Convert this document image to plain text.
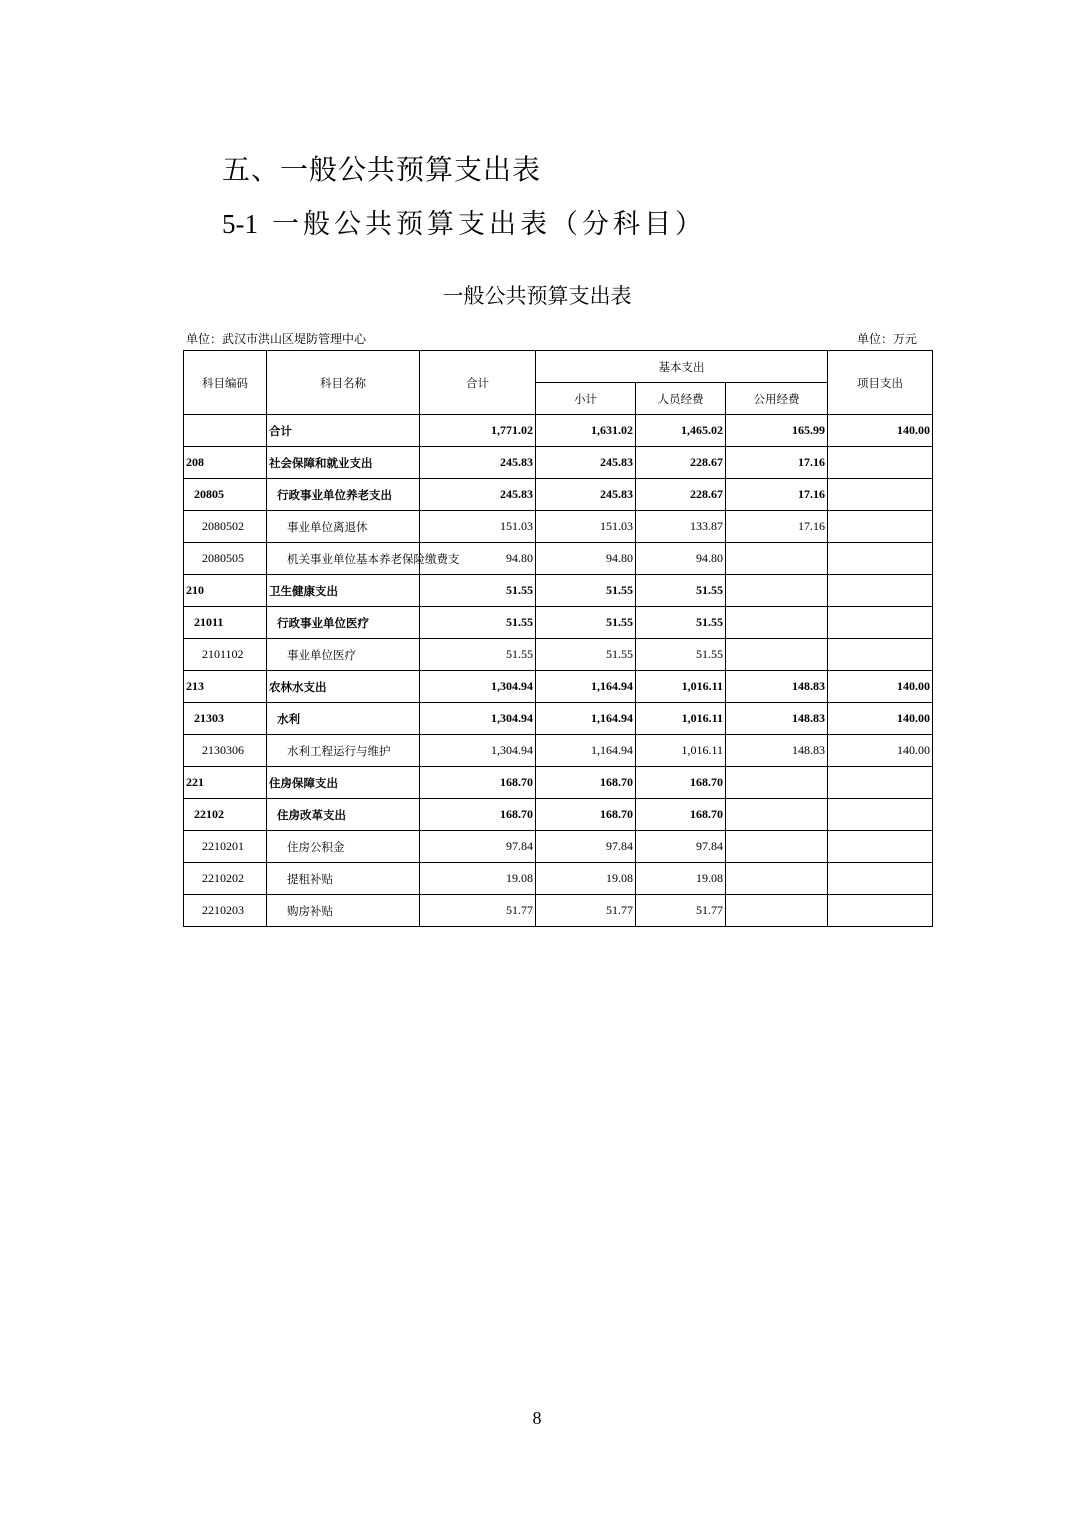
五、一般公共预算支出表
5-1 一般公共预算支出表（分科目）
一般公共预算支出表
单位：武汉市洪山区堤防管理中心	单位：万元
科目编码	科目名称	合计	基本支出			项目支出
			小计	人员经费	公用经费	
	合计	1,771.02	1,631.02	1,465.02	165.99	140.00
208	社会保障和就业支出	245.83	245.83	228.67	17.16	
20805	行政事业单位养老支出	245.83	245.83	228.67	17.16	
2080502	事业单位离退休	151.03	151.03	133.87	17.16	
2080505	机关事业单位基本养老保险缴费支	94.80	94.80	94.80		
210	卫生健康支出	51.55	51.55	51.55		
21011	行政事业单位医疗	51.55	51.55	51.55		
2101102	事业单位医疗	51.55	51.55	51.55		
213	农林水支出	1,304.94	1,164.94	1,016.11	148.83	140.00
21303	水利	1,304.94	1,164.94	1,016.11	148.83	140.00
2130306	水利工程运行与维护	1,304.94	1,164.94	1,016.11	148.83	140.00
221	住房保障支出	168.70	168.70	168.70		
22102	住房改革支出	168.70	168.70	168.70		
2210201	住房公积金	97.84	97.84	97.84		
2210202	提租补贴	19.08	19.08	19.08		
2210203	购房补贴	51.77	51.77	51.77		
8
